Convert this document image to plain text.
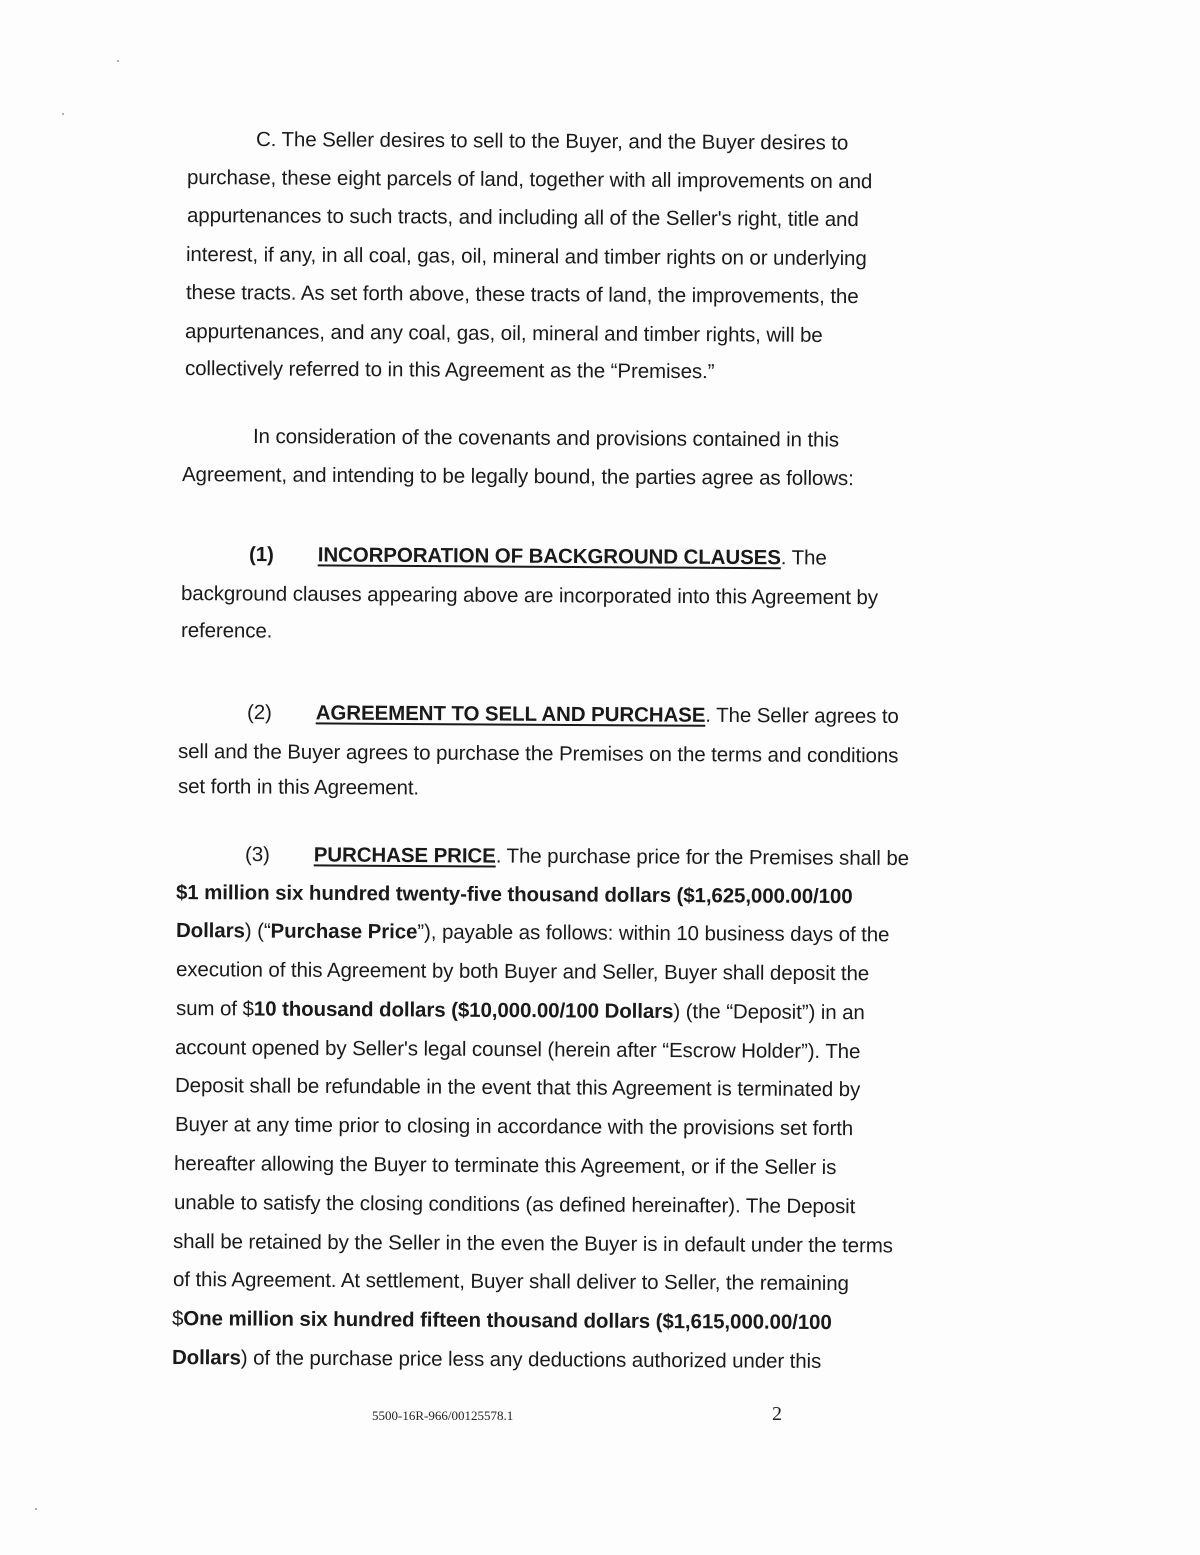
C. The Seller desires to sell to the Buyer, and the Buyer desires to
purchase, these eight parcels of land, together with all improvements on and
appurtenances to such tracts, and including all of the Seller's right, title and
interest, if any, in all coal, gas, oil, mineral and timber rights on or underlying
these tracts. As set forth above, these tracts of land, the improvements, the
appurtenances, and any coal, gas, oil, mineral and timber rights, will be
collectively referred to in this Agreement as the “Premises.”
In consideration of the covenants and provisions contained in this
Agreement, and intending to be legally bound, the parties agree as follows:
(1) INCORPORATION OF BACKGROUND CLAUSES. The
background clauses appearing above are incorporated into this Agreement by
reference.
(2) AGREEMENT TO SELL AND PURCHASE. The Seller agrees to
sell and the Buyer agrees to purchase the Premises on the terms and conditions
set forth in this Agreement.
(3) PURCHASE PRICE. The purchase price for the Premises shall be
$1 million six hundred twenty-five thousand dollars ($1,625,000.00/100
Dollars) (“Purchase Price”), payable as follows: within 10 business days of the
execution of this Agreement by both Buyer and Seller, Buyer shall deposit the
sum of $10 thousand dollars ($10,000.00/100 Dollars) (the “Deposit”) in an
account opened by Seller's legal counsel (herein after “Escrow Holder”). The
Deposit shall be refundable in the event that this Agreement is terminated by
Buyer at any time prior to closing in accordance with the provisions set forth
hereafter allowing the Buyer to terminate this Agreement, or if the Seller is
unable to satisfy the closing conditions (as defined hereinafter). The Deposit
shall be retained by the Seller in the even the Buyer is in default under the terms
of this Agreement. At settlement, Buyer shall deliver to Seller, the remaining
$One million six hundred fifteen thousand dollars ($1,615,000.00/100
Dollars) of the purchase price less any deductions authorized under this
5500-16R-966/00125578.1	2
